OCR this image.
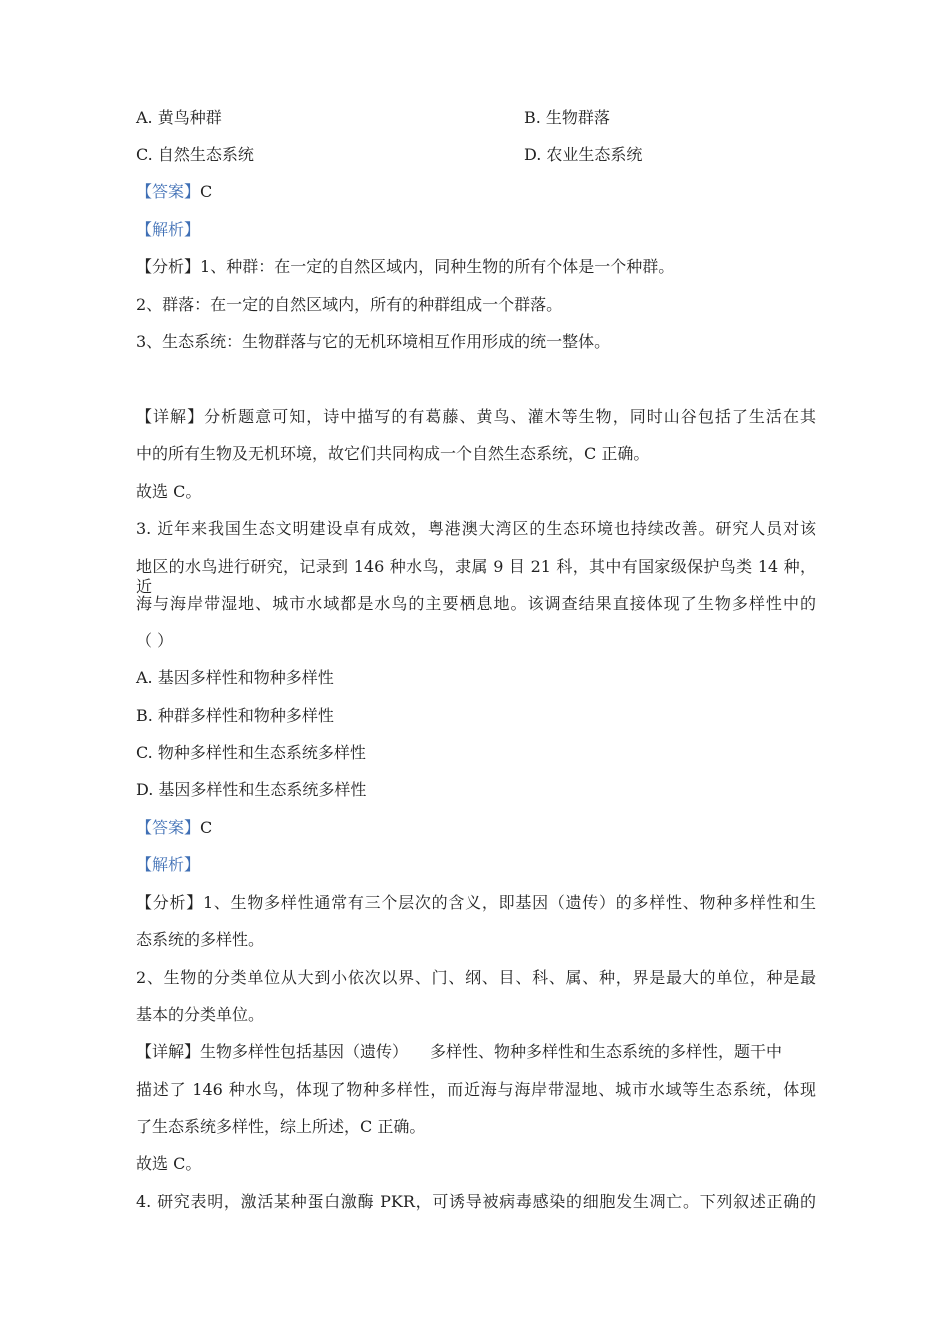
A. 黄鸟种群	B. 生物群落
C. 自然生态系统	D. 农业生态系统
【答案】C
【解析】
【分析】1、种群：在一定的自然区域内，同种生物的所有个体是一个种群。
2、群落：在一定的自然区域内，所有的种群组成一个群落。
3、生态系统：生物群落与它的无机环境相互作用形成的统一整体。
【详解】分析题意可知，诗中描写的有葛藤、黄鸟、灌木等生物，同时山谷包括了生活在其
中的所有生物及无机环境，故它们共同构成一个自然生态系统，C 正确。
故选 C。
3. 近年来我国生态文明建设卓有成效，粤港澳大湾区的生态环境也持续改善。研究人员对该
地区的水鸟进行研究，记录到 146 种水鸟，隶属 9 目 21 科，其中有国家级保护鸟类 14 种，近
海与海岸带湿地、城市水域都是水鸟的主要栖息地。该调查结果直接体现了生物多样性中的
（ ）
A. 基因多样性和物种多样性
B. 种群多样性和物种多样性
C. 物种多样性和生态系统多样性
D. 基因多样性和生态系统多样性
【答案】C
【解析】
【分析】1、生物多样性通常有三个层次的含义，即基因（遗传）的多样性、物种多样性和生
态系统的多样性。
2、生物的分类单位从大到小依次以界、门、纲、目、科、属、种，界是最大的单位，种是最
基本的分类单位。
【详解】生物多样性包括基因（遗传） 多样性、物种多样性和生态系统的多样性，题干中
描述了 146 种水鸟，体现了物种多样性，而近海与海岸带湿地、城市水域等生态系统，体现
了生态系统多样性，综上所述，C 正确。
故选 C。
4. 研究表明，激活某种蛋白激酶 PKR，可诱导被病毒感染的细胞发生凋亡。下列叙述正确的
